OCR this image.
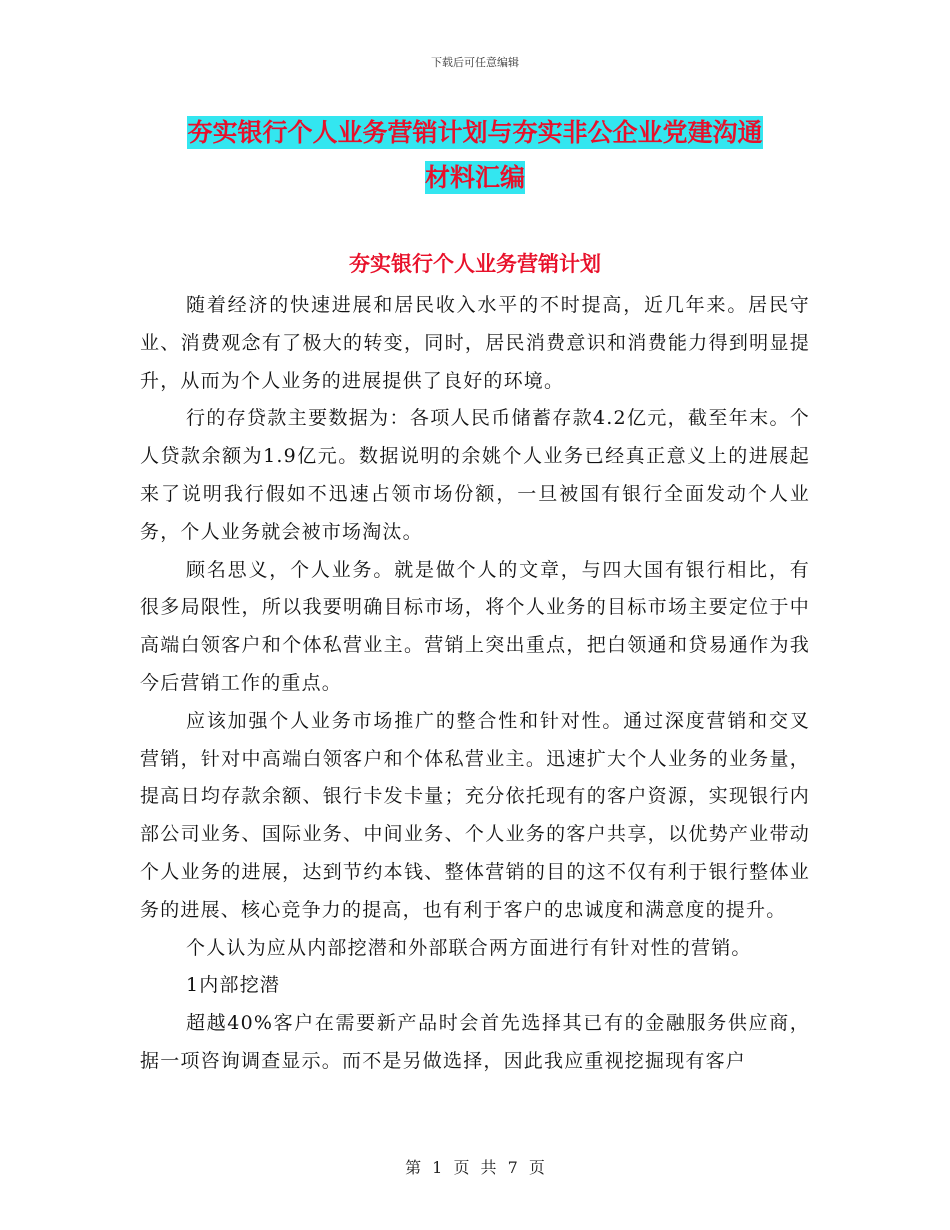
下载后可任意编辑
夯实银行个人业务营销计划与夯实非公企业党建沟通
材料汇编
夯实银行个人业务营销计划

随着经济的快速进展和居民收入水平的不时提高，近几年来。居民守业、消费观念有了极大的转变，同时，居民消费意识和消费能力得到明显提升，从而为个人业务的进展提供了良好的环境。

行的存贷款主要数据为：各项人民币储蓄存款4.2亿元，截至年末。个人贷款余额为1.9亿元。数据说明的余姚个人业务已经真正意义上的进展起来了说明我行假如不迅速占领市场份额，一旦被国有银行全面发动个人业务，个人业务就会被市场淘汰。

顾名思义，个人业务。就是做个人的文章，与四大国有银行相比，有很多局限性，所以我要明确目标市场，将个人业务的目标市场主要定位于中高端白领客户和个体私营业主。营销上突出重点，把白领通和贷易通作为我今后营销工作的重点。

应该加强个人业务市场推广的整合性和针对性。通过深度营销和交叉营销，针对中高端白领客户和个体私营业主。迅速扩大个人业务的业务量，提高日均存款余额、银行卡发卡量；充分依托现有的客户资源，实现银行内部公司业务、国际业务、中间业务、个人业务的客户共享，以优势产业带动个人业务的进展，达到节约本钱、整体营销的目的这不仅有利于银行整体业务的进展、核心竞争力的提高，也有利于客户的忠诚度和满意度的提升。

个人认为应从内部挖潜和外部联合两方面进行有针对性的营销。

1内部挖潜

超越40%客户在需要新产品时会首先选择其已有的金融服务供应商，据一项咨询调查显示。而不是另做选择，因此我应重视挖掘现有客户

第 1 页 共 7 页
